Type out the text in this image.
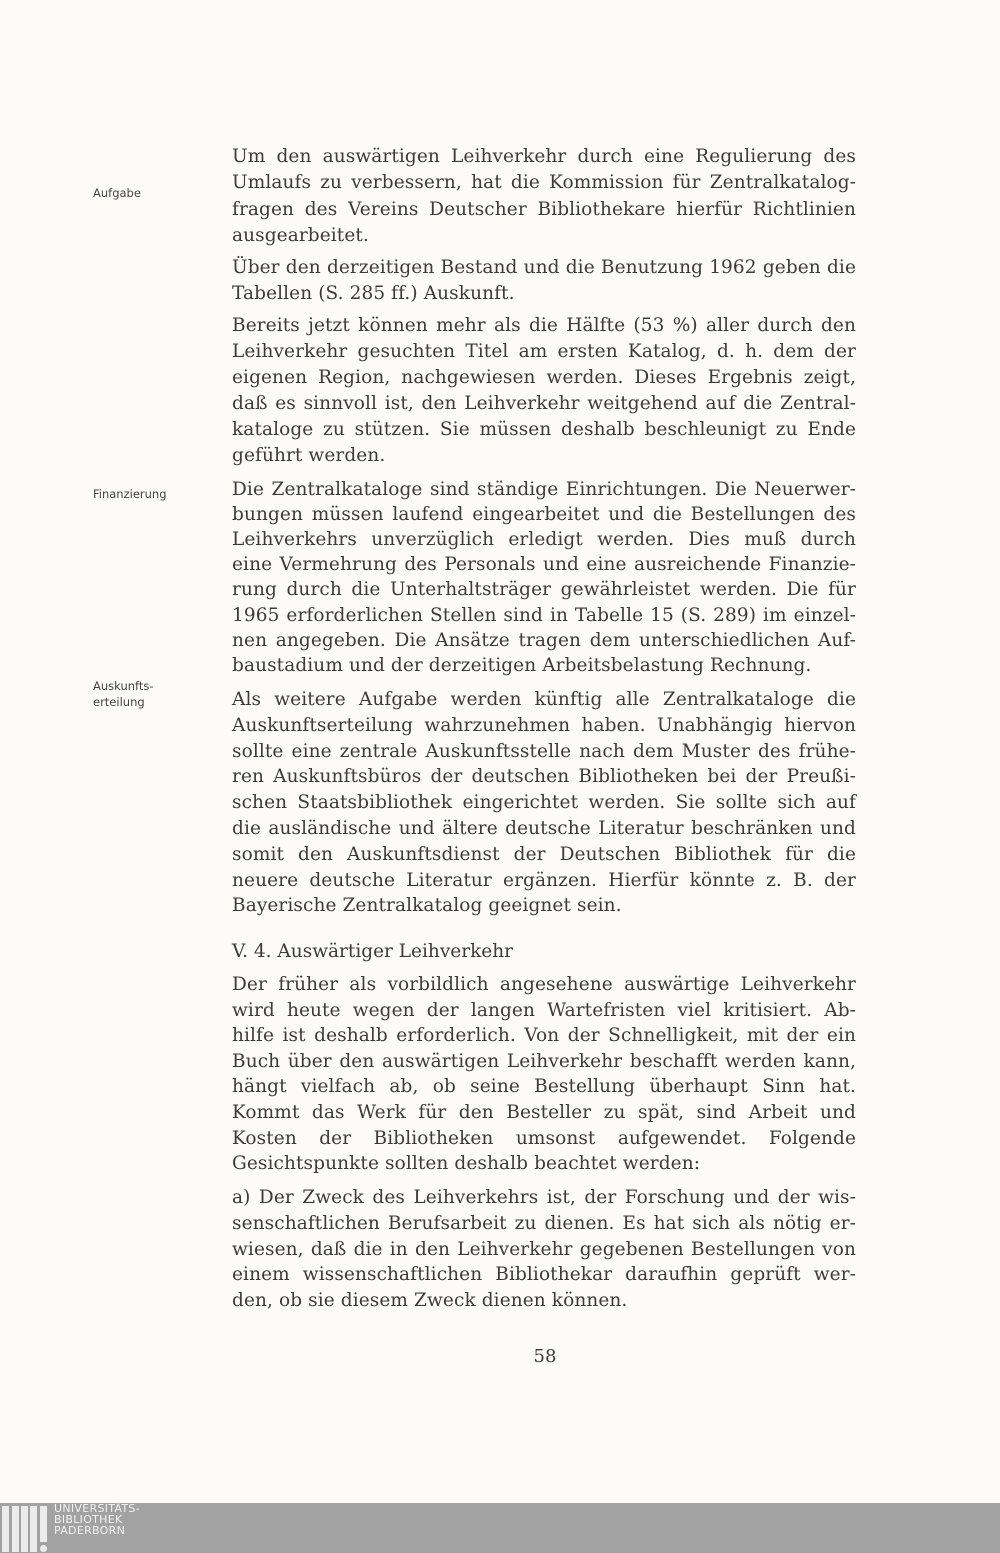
Aufgabe
Finanzierung
Auskunfts-
erteilung
Um den auswärtigen Leihverkehr durch eine Regulierung des
Umlaufs zu verbessern, hat die Kommission für Zentralkatalog-
fragen des Vereins Deutscher Bibliothekare hierfür Richtlinien
ausgearbeitet.
Über den derzeitigen Bestand und die Benutzung 1962 geben die
Tabellen (S. 285 ff.) Auskunft.
Bereits jetzt können mehr als die Hälfte (53 %) aller durch den
Leihverkehr gesuchten Titel am ersten Katalog, d. h. dem der
eigenen Region, nachgewiesen werden. Dieses Ergebnis zeigt,
daß es sinnvoll ist, den Leihverkehr weitgehend auf die Zentral-
kataloge zu stützen. Sie müssen deshalb beschleunigt zu Ende
geführt werden.
Die Zentralkataloge sind ständige Einrichtungen. Die Neuerwer-
bungen müssen laufend eingearbeitet und die Bestellungen des
Leihverkehrs unverzüglich erledigt werden. Dies muß durch
eine Vermehrung des Personals und eine ausreichende Finanzie-
rung durch die Unterhaltsträger gewährleistet werden. Die für
1965 erforderlichen Stellen sind in Tabelle 15 (S. 289) im einzel-
nen angegeben. Die Ansätze tragen dem unterschiedlichen Auf-
baustadium und der derzeitigen Arbeitsbelastung Rechnung.
Als weitere Aufgabe werden künftig alle Zentralkataloge die
Auskunftserteilung wahrzunehmen haben. Unabhängig hiervon
sollte eine zentrale Auskunftsstelle nach dem Muster des frühe-
ren Auskunftsbüros der deutschen Bibliotheken bei der Preußi-
schen Staatsbibliothek eingerichtet werden. Sie sollte sich auf
die ausländische und ältere deutsche Literatur beschränken und
somit den Auskunftsdienst der Deutschen Bibliothek für die
neuere deutsche Literatur ergänzen. Hierfür könnte z. B. der
Bayerische Zentralkatalog geeignet sein.
Der früher als vorbildlich angesehene auswärtige Leihverkehr
wird heute wegen der langen Wartefristen viel kritisiert. Ab-
hilfe ist deshalb erforderlich. Von der Schnelligkeit, mit der ein
Buch über den auswärtigen Leihverkehr beschafft werden kann,
hängt vielfach ab, ob seine Bestellung überhaupt Sinn hat.
Kommt das Werk für den Besteller zu spät, sind Arbeit und
Kosten der Bibliotheken umsonst aufgewendet. Folgende
Gesichtspunkte sollten deshalb beachtet werden:
a) Der Zweck des Leihverkehrs ist, der Forschung und der wis-
senschaftlichen Berufsarbeit zu dienen. Es hat sich als nötig er-
wiesen, daß die in den Leihverkehr gegebenen Bestellungen von
einem wissenschaftlichen Bibliothekar daraufhin geprüft wer-
den, ob sie diesem Zweck dienen können.
V. 4. Auswärtiger Leihverkehr
58
UNIVERSITÄTS-
BIBLIOTHEK
PADERBORN
